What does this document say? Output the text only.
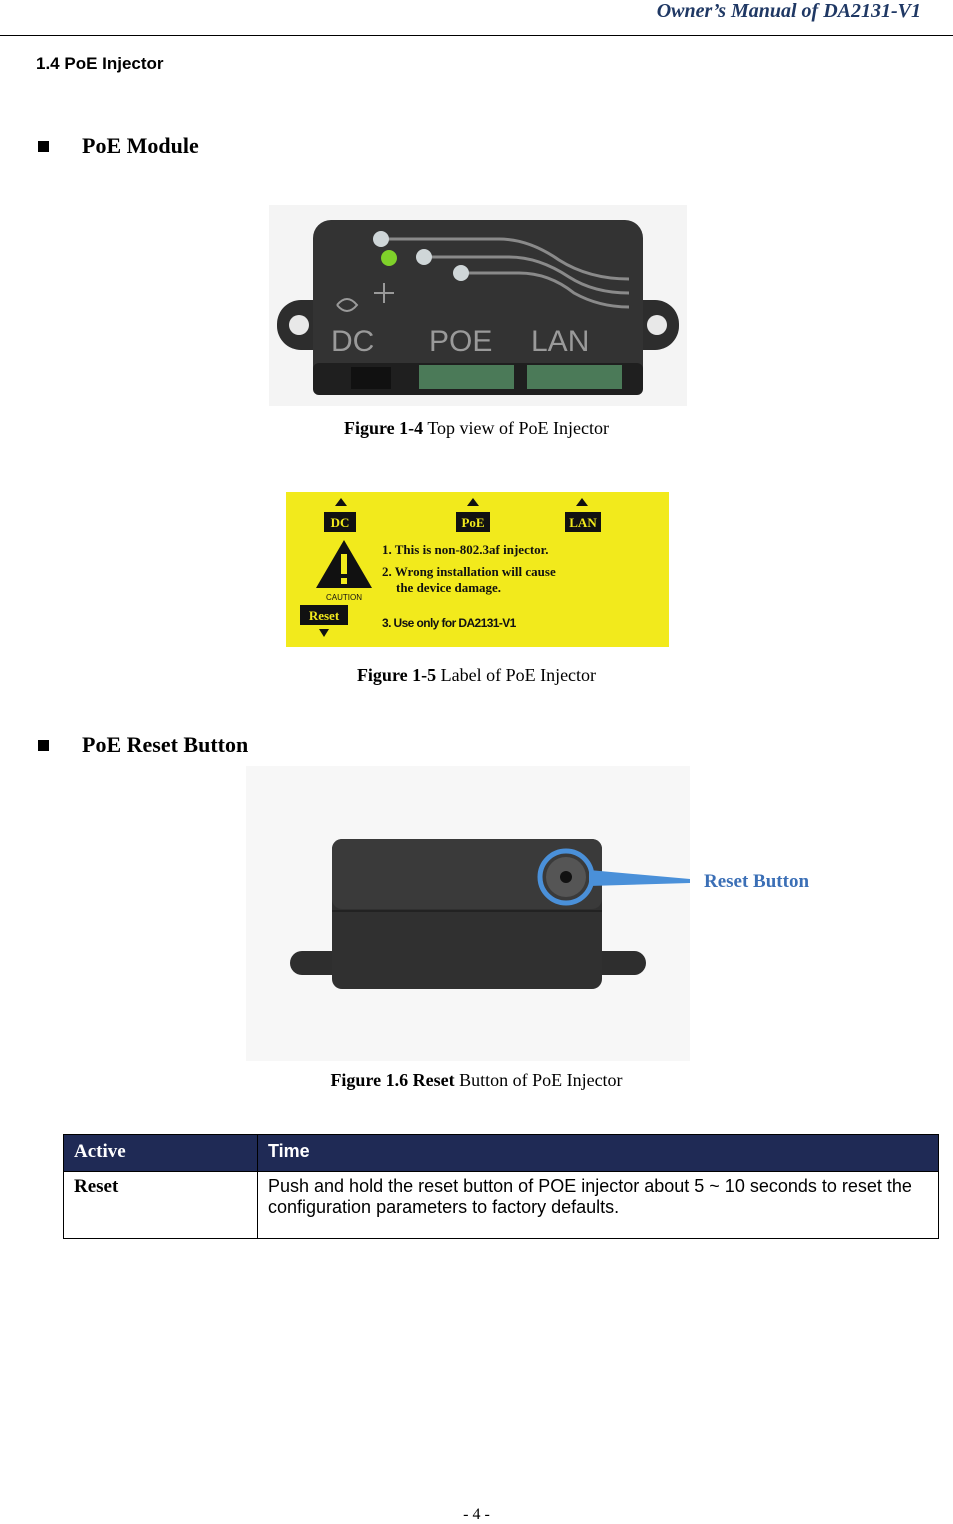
Owner’s Manual of DA2131-V1
1.4 PoE Injector
PoE Module
DC POE LAN
Figure 1-4 Top view of PoE Injector
DC	PoE	LAN
CAUTION
Reset
1. This is non-802.3af injector.
2. Wrong installation will cause
the device damage.
3. Use only for DA2131-V1
Figure 1-5 Label of PoE Injector
PoE Reset Button
Reset Button
Figure 1.6 Reset Button of PoE Injector
Active	Time
Reset	Push and hold the reset button of POE injector about 5 ~ 10 seconds to reset the configuration parameters to factory defaults.
- 4 -
